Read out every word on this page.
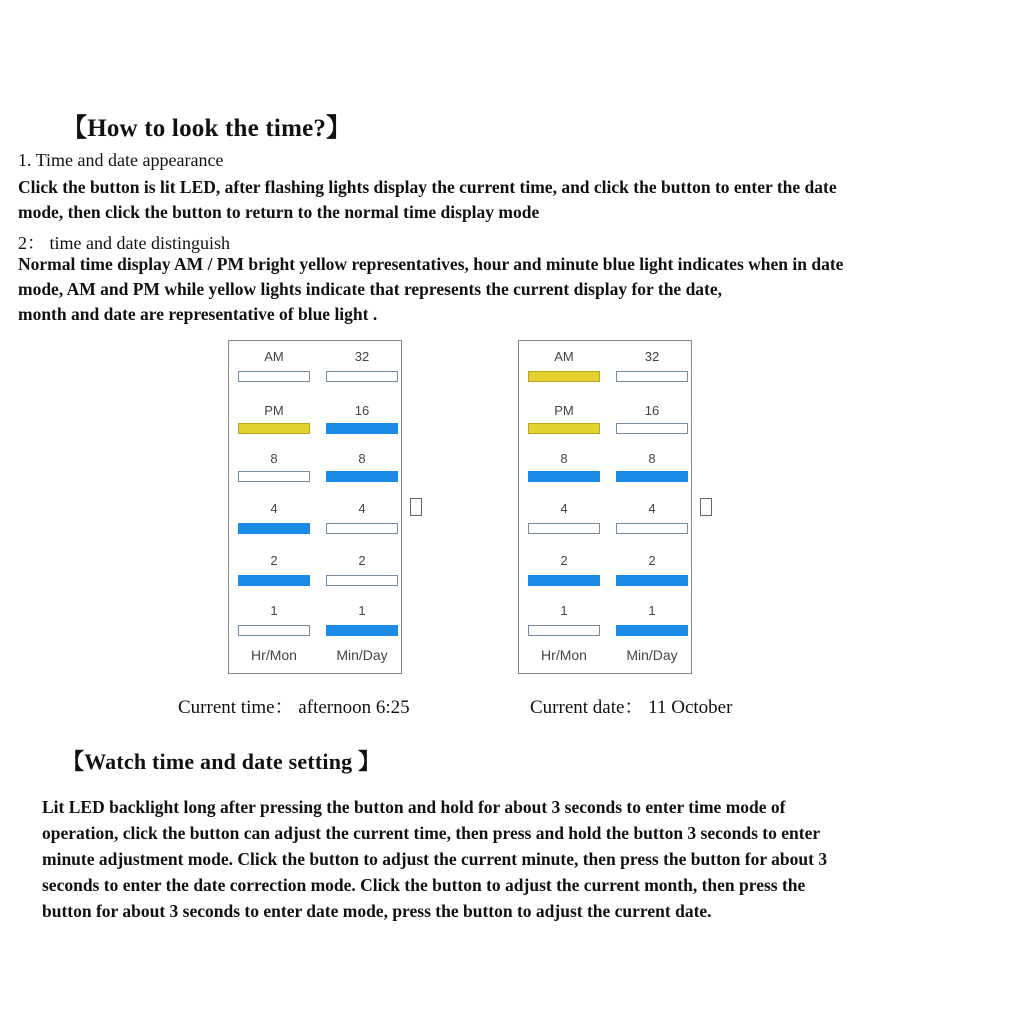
【How to look the time?】
1. Time and date appearance
Click the button is lit LED, after flashing lights display the current time, and click the button to enter the date
mode, then click the button to return to the normal time display mode
2： time and date distinguish
Normal time display AM / PM bright yellow representatives, hour and minute blue light indicates when in date
mode, AM and PM while yellow lights indicate that represents the current display for the date,
month and date are representative of blue light .
AM
PM
8
4
2
1
Hr/Mon
32
16
8
4
2
1
Min/Day
AM
PM
8
4
2
1
Hr/Mon
32
16
8
4
2
1
Min/Day
Current time： afternoon 6:25	Current date： 11 October
【Watch time and date setting 】
Lit LED backlight long after pressing the button and hold for about 3 seconds to enter time mode of
operation, click the button can adjust the current time, then press and hold the button 3 seconds to enter
minute adjustment mode. Click the button to adjust the current minute, then press the button for about 3
seconds to enter the date correction mode. Click the button to adjust the current month, then press the
button for about 3 seconds to enter date mode, press the button to adjust the current date.
